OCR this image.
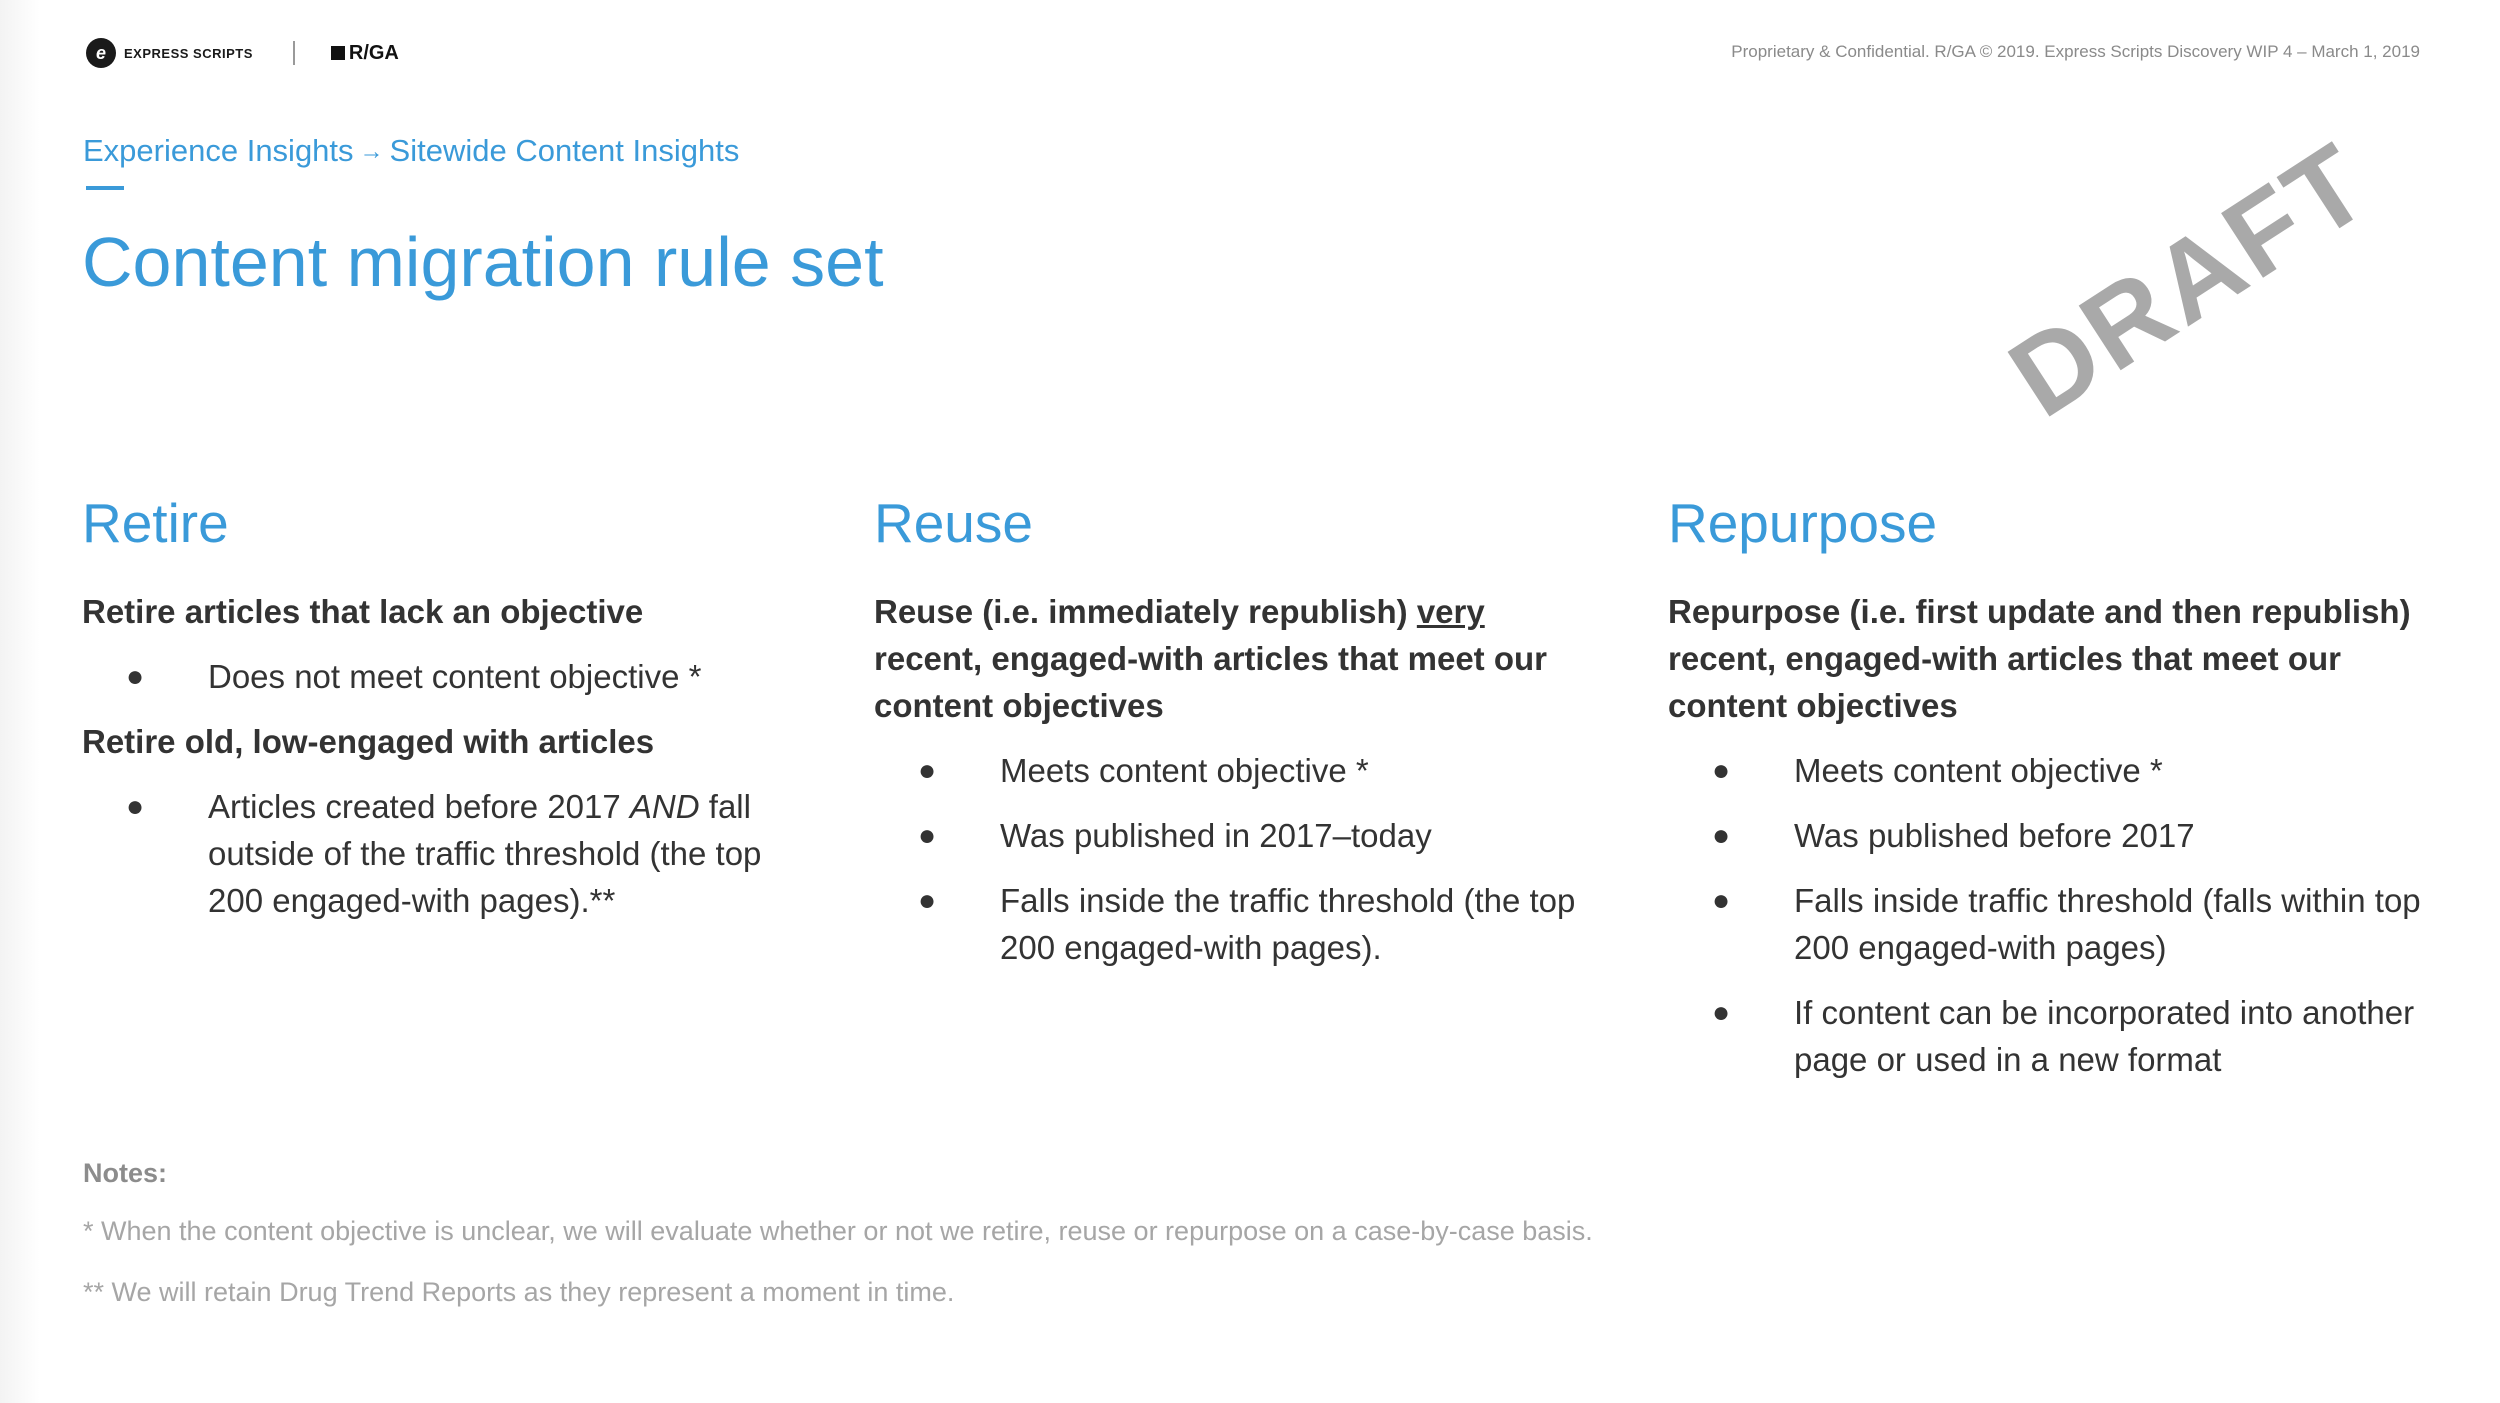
e	EXPRESS SCRIPTS	R/GA	Proprietary & Confidential. R/GA © 2019. Express Scripts Discovery WIP 4 – March 1, 2019
Experience Insights → Sitewide Content Insights
Content migration rule set	DRAFT
Retire
Retire articles that lack an objective
● Does not meet content objective *
Retire old, low-engaged with articles
● Articles created before 2017 AND fall outside of the traffic threshold (the top 200 engaged-with pages).**
Reuse
Reuse (i.e. immediately republish) very recent, engaged-with articles that meet our content objectives
● Meets content objective *
● Was published in 2017–today
● Falls inside the traffic threshold (the top 200 engaged-with pages).
Repurpose
Repurpose (i.e. first update and then republish) recent, engaged-with articles that meet our content objectives
● Meets content objective *
● Was published before 2017
● Falls inside traffic threshold (falls within top 200 engaged-with pages)
● If content can be incorporated into another page or used in a new format
Notes:
* When the content objective is unclear, we will evaluate whether or not we retire, reuse or repurpose on a case-by-case basis.
** We will retain Drug Trend Reports as they represent a moment in time.
